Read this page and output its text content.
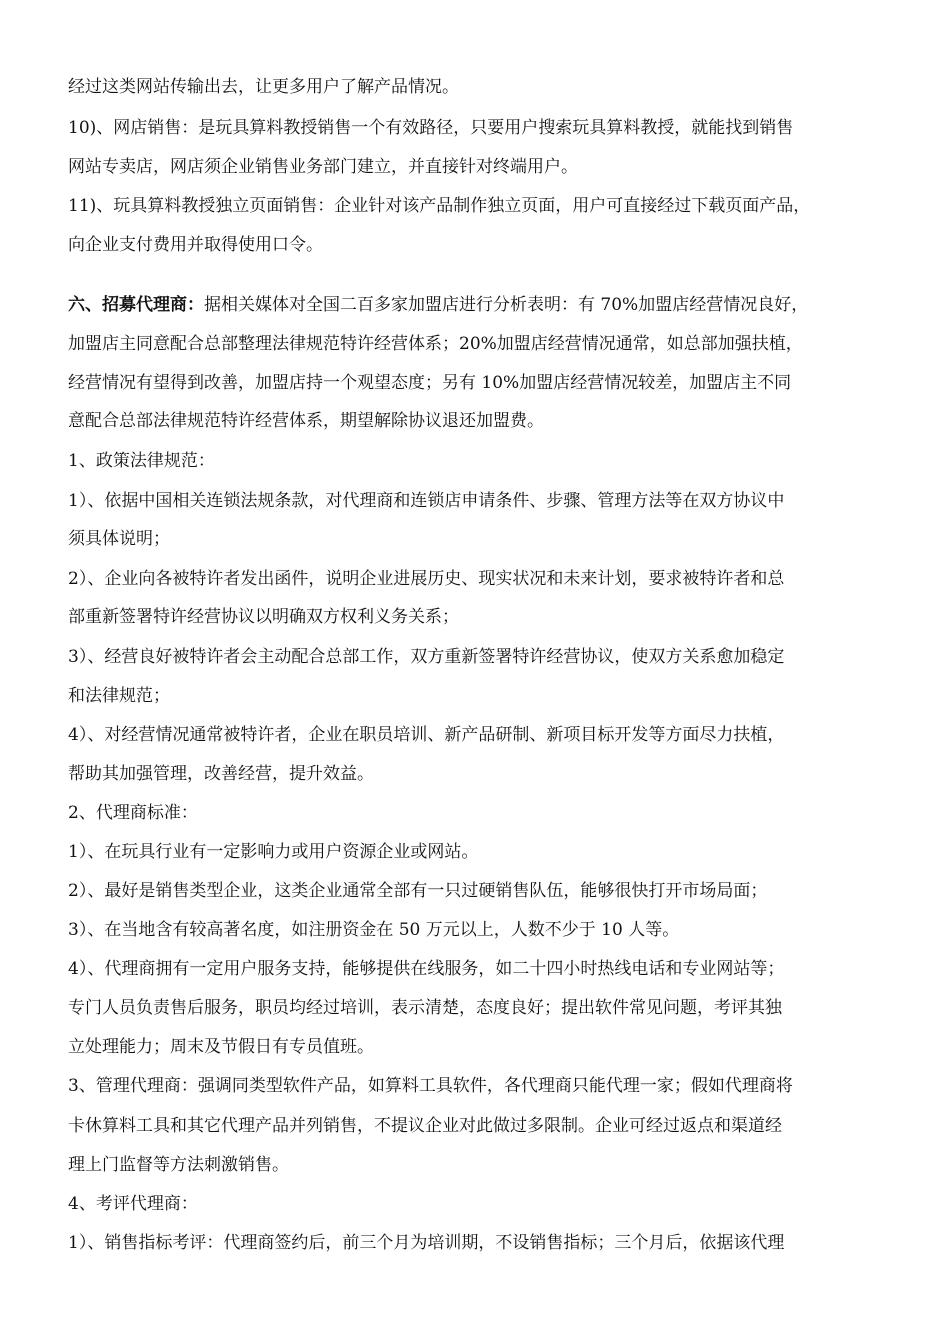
经过这类网站传输出去，让更多用户了解产品情况。
10)、网店销售：是玩具算料教授销售一个有效路径，只要用户搜索玩具算料教授，就能找到销售
网站专卖店，网店须企业销售业务部门建立，并直接针对终端用户。
11)、玩具算料教授独立页面销售：企业针对该产品制作独立页面，用户可直接经过下载页面产品，
向企业支付费用并取得使用口令。
六、招募代理商：据相关媒体对全国二百多家加盟店进行分析表明：有 70%加盟店经营情况良好，
加盟店主同意配合总部整理法律规范特许经营体系；20%加盟店经营情况通常，如总部加强扶植，
经营情况有望得到改善，加盟店持一个观望态度；另有 10%加盟店经营情况较差，加盟店主不同
意配合总部法律规范特许经营体系，期望解除协议退还加盟费。
1、政策法律规范：
1）、依据中国相关连锁法规条款，对代理商和连锁店申请条件、步骤、管理方法等在双方协议中
须具体说明；
2）、企业向各被特许者发出函件，说明企业进展历史、现实状况和未来计划，要求被特许者和总
部重新签署特许经营协议以明确双方权利义务关系；
3）、经营良好被特许者会主动配合总部工作，双方重新签署特许经营协议，使双方关系愈加稳定
和法律规范；
4）、对经营情况通常被特许者，企业在职员培训、新产品研制、新项目标开发等方面尽力扶植，
帮助其加强管理，改善经营，提升效益。
2、代理商标准：
1）、在玩具行业有一定影响力或用户资源企业或网站。
2）、最好是销售类型企业，这类企业通常全部有一只过硬销售队伍，能够很快打开市场局面；
3）、在当地含有较高著名度，如注册资金在 50 万元以上，人数不少于 10 人等。
4）、代理商拥有一定用户服务支持，能够提供在线服务，如二十四小时热线电话和专业网站等；
专门人员负责售后服务，职员均经过培训，表示清楚，态度良好；提出软件常见问题，考评其独
立处理能力；周末及节假日有专员值班。
3、管理代理商：强调同类型软件产品，如算料工具软件，各代理商只能代理一家；假如代理商将
卡休算料工具和其它代理产品并列销售，不提议企业对此做过多限制。企业可经过返点和渠道经
理上门监督等方法刺激销售。
4、考评代理商：
1）、销售指标考评：代理商签约后，前三个月为培训期，不设销售指标；三个月后，依据该代理
